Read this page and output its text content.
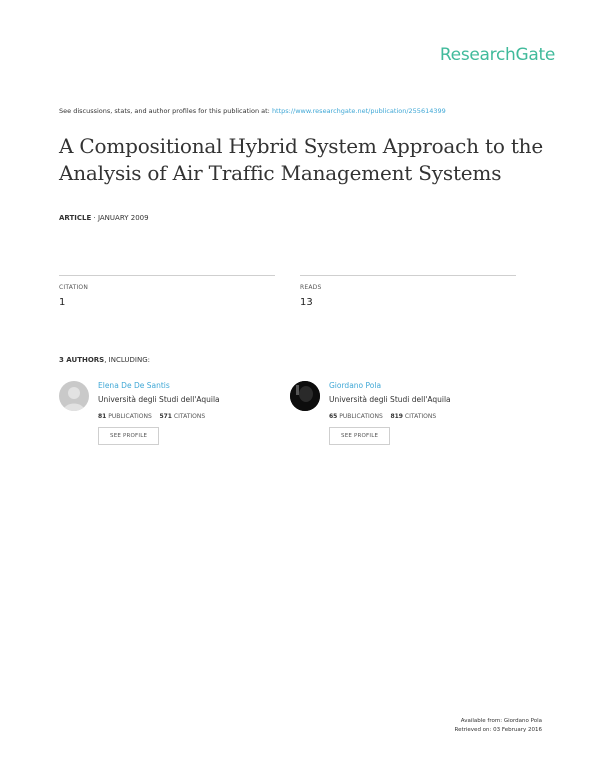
ResearchGate
See discussions, stats, and author profiles for this publication at: https://www.researchgate.net/publication/255614399
A Compositional Hybrid System Approach to the
Analysis of Air Traffic Management Systems
ARTICLE · JANUARY 2009
CITATION
1
READS
13
3 AUTHORS, INCLUDING:
Elena De De Santis
Università degli Studi dell'Aquila
81 PUBLICATIONS 571 CITATIONS
SEE PROFILE
Giordano Pola
Università degli Studi dell'Aquila
65 PUBLICATIONS 819 CITATIONS
SEE PROFILE
Available from: Giordano Pola
Retrieved on: 03 February 2016
